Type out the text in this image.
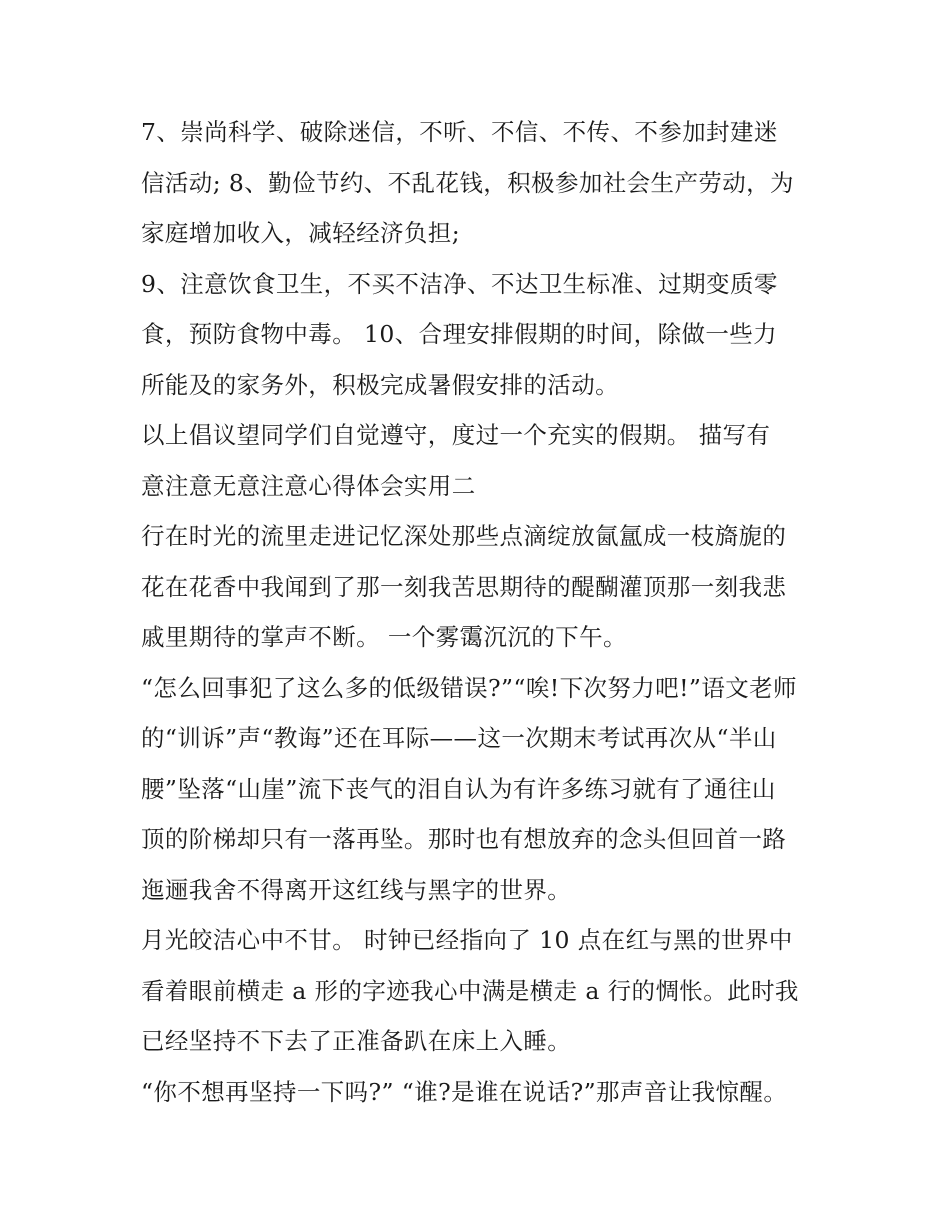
7、崇尚科学、破除迷信，不听、不信、不传、不参加封建迷
信活动; 8、勤俭节约、不乱花钱，积极参加社会生产劳动，为
家庭增加收入，减轻经济负担;

9、注意饮食卫生，不买不洁净、不达卫生标准、过期变质零
食，预防食物中毒。 10、合理安排假期的时间，除做一些力
所能及的家务外，积极完成暑假安排的活动。

以上倡议望同学们自觉遵守，度过一个充实的假期。 描写有
意注意无意注意心得体会实用二

行在时光的流里走进记忆深处那些点滴绽放氤氲成一枝旖旎的
花在花香中我闻到了那一刻我苦思期待的醍醐灌顶那一刻我悲
戚里期待的掌声不断。 一个雾霭沉沉的下午。

“怎么回事犯了这么多的低级错误?”“唉!下次努力吧!”语文老师
的“训诉”声“教诲”还在耳际——这一次期末考试再次从“半山
腰”坠落“山崖”流下丧气的泪自认为有许多练习就有了通往山
顶的阶梯却只有一落再坠。那时也有想放弃的念头但回首一路
迤逦我舍不得离开这红线与黑字的世界。

月光皎洁心中不甘。 时钟已经指向了 10 点在红与黑的世界中
看着眼前横走 a 形的字迹我心中满是横走 a 行的惆怅。此时我
已经坚持不下去了正准备趴在床上入睡。

“你不想再坚持一下吗?” “谁?是谁在说话?”那声音让我惊醒。
